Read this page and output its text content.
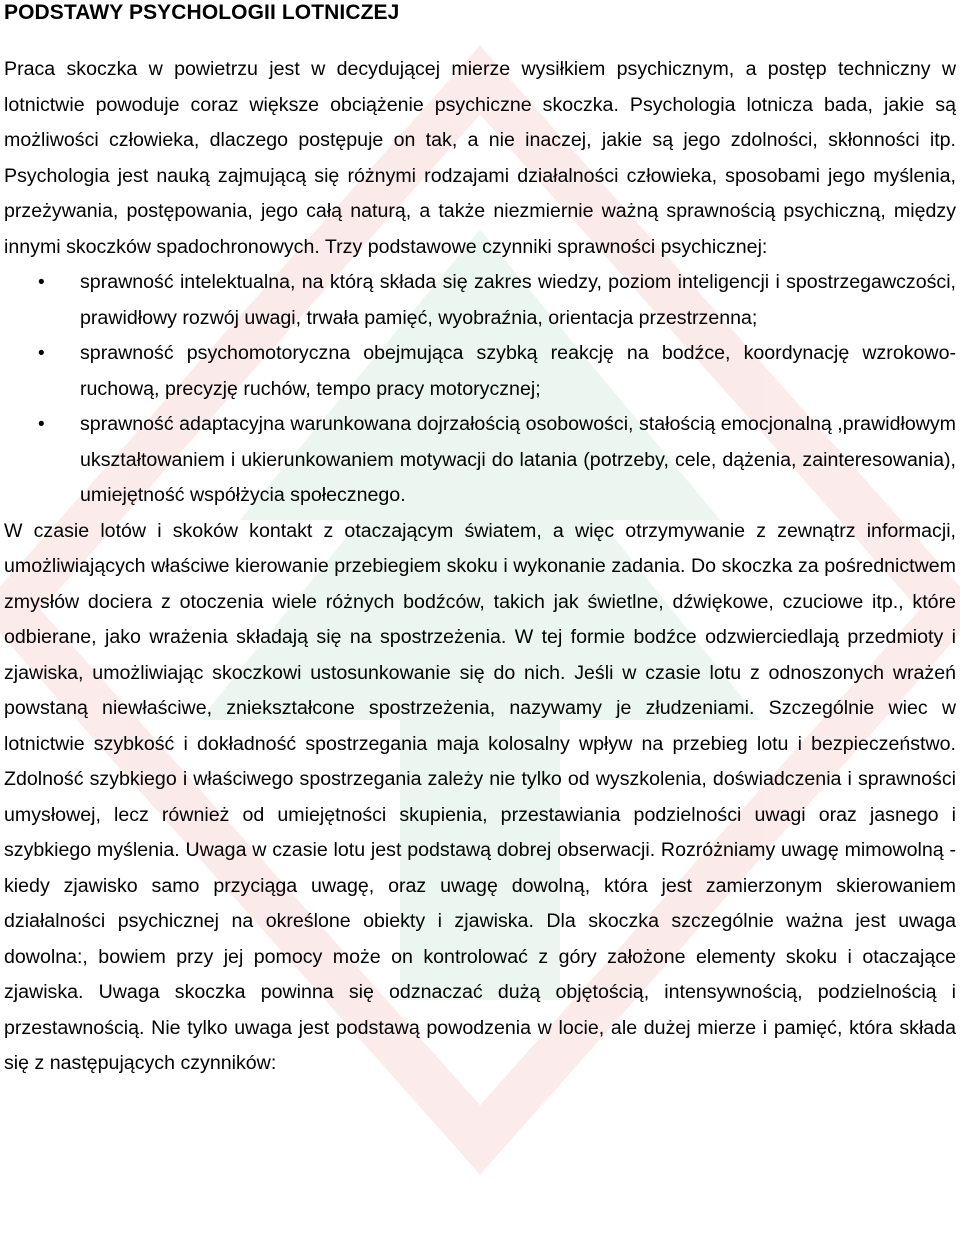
PODSTAWY PSYCHOLOGII LOTNICZEJ

Praca skoczka w powietrzu jest w decydującej mierze wysiłkiem psychicznym, a postęp techniczny w lotnictwie powoduje coraz większe obciążenie psychiczne skoczka. Psychologia lotnicza bada, jakie są możliwości człowieka, dlaczego postępuje on tak, a nie inaczej, jakie są jego zdolności, skłonności itp. Psychologia jest nauką zajmującą się różnymi rodzajami działalności człowieka, sposobami jego myślenia, przeżywania, postępowania, jego całą naturą, a także niezmiernie ważną sprawnością psychiczną, między innymi skoczków spadochronowych. Trzy podstawowe czynniki sprawności psychicznej:

• sprawność intelektualna, na którą składa się zakres wiedzy, poziom inteligencji i spostrzegawczości, prawidłowy rozwój uwagi, trwała pamięć, wyobraźnia, orientacja przestrzenna;
• sprawność psychomotoryczna obejmująca szybką reakcję na bodźce, koordynację wzrokowo-ruchową, precyzję ruchów, tempo pracy motorycznej;
• sprawność adaptacyjna warunkowana dojrzałością osobowości, stałością emocjonalną ,prawidłowym ukształtowaniem i ukierunkowaniem motywacji do latania (potrzeby, cele, dążenia, zainteresowania), umiejętność współżycia społecznego.

W czasie lotów i skoków kontakt z otaczającym światem, a więc otrzymywanie z zewnątrz informacji, umożliwiających właściwe kierowanie przebiegiem skoku i wykonanie zadania. Do skoczka za pośrednictwem zmysłów dociera z otoczenia wiele różnych bodźców, takich jak świetlne, dźwiękowe, czuciowe itp., które odbierane, jako wrażenia składają się na spostrzeżenia. W tej formie bodźce odzwierciedlają przedmioty i zjawiska, umożliwiając skoczkowi ustosunkowanie się do nich. Jeśli w czasie lotu z odnoszonych wrażeń powstaną niewłaściwe, zniekształcone spostrzeżenia, nazywamy je złudzeniami. Szczególnie wiec w lotnictwie szybkość i dokładność spostrzegania maja kolosalny wpływ na przebieg lotu i bezpieczeństwo. Zdolność szybkiego i właściwego spostrzegania zależy nie tylko od wyszkolenia, doświadczenia i sprawności umysłowej, lecz również od umiejętności skupienia, przestawiania podzielności uwagi oraz jasnego i szybkiego myślenia. Uwaga w czasie lotu jest podstawą dobrej obserwacji. Rozróżniamy uwagę mimowolną - kiedy zjawisko samo przyciąga uwagę, oraz uwagę dowolną, która jest zamierzonym skierowaniem działalności psychicznej na określone obiekty i zjawiska. Dla skoczka szczególnie ważna jest uwaga dowolna:, bowiem przy jej pomocy może on kontrolować z góry założone elementy skoku i otaczające zjawiska. Uwaga skoczka powinna się odznaczać dużą objętością, intensywnością, podzielnością i przestawnością. Nie tylko uwaga jest podstawą powodzenia w locie, ale dużej mierze i pamięć, która składa się z następujących czynników:
